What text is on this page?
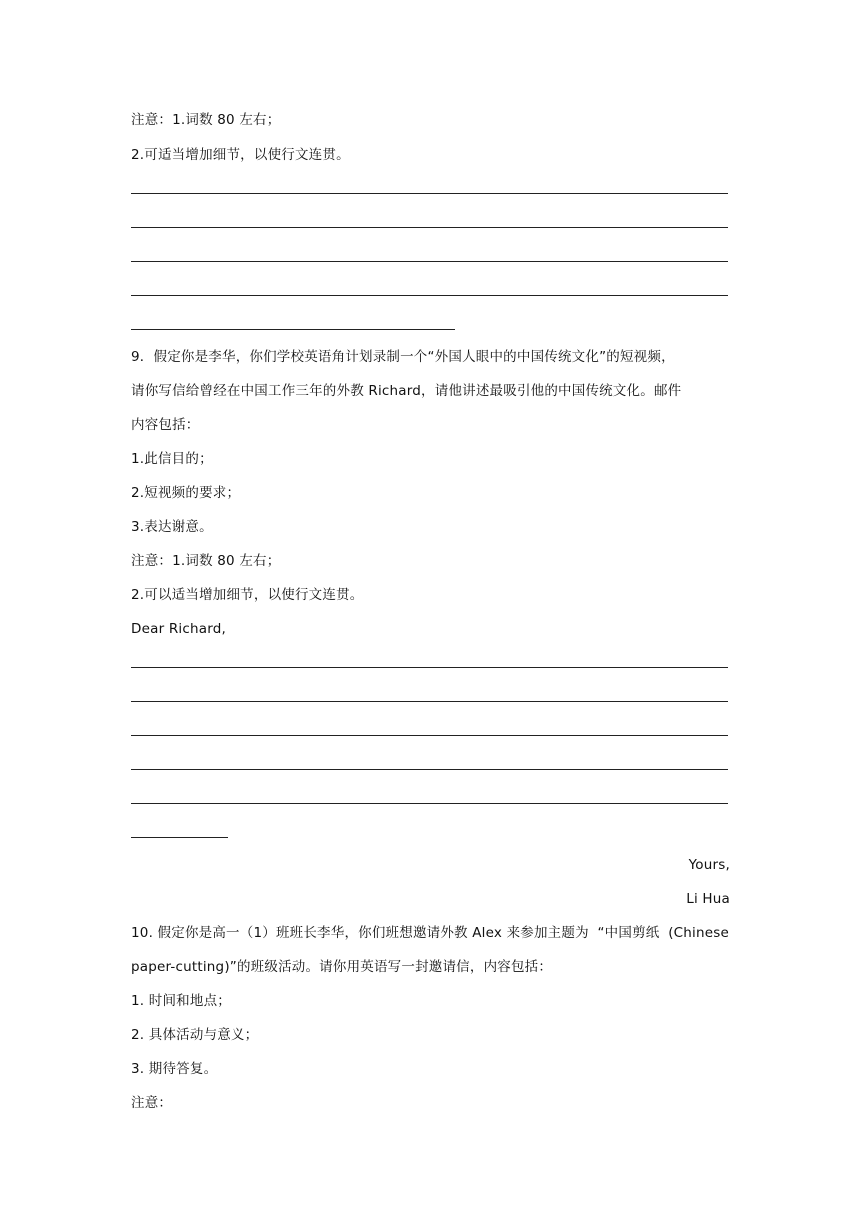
注意：1.词数 80 左右；
2.可适当增加细节，以使行文连贯。
9．假定你是李华，你们学校英语角计划录制一个“外国人眼中的中国传统文化”的短视频，
请你写信给曾经在中国工作三年的外教 Richard，请他讲述最吸引他的中国传统文化。邮件
内容包括：
1.此信目的；
2.短视频的要求；
3.表达谢意。
注意：1.词数 80 左右；
2.可以适当增加细节，以使行文连贯。
Dear Richard,
Yours,
Li Hua
10. 假定你是高一（1）班班长李华，你们班想邀请外教 Alex 来参加主题为 “中国剪纸 (Chinese
paper-cutting)”的班级活动。请你用英语写一封邀请信，内容包括：
1. 时间和地点；
2. 具体活动与意义；
3. 期待答复。
注意：
